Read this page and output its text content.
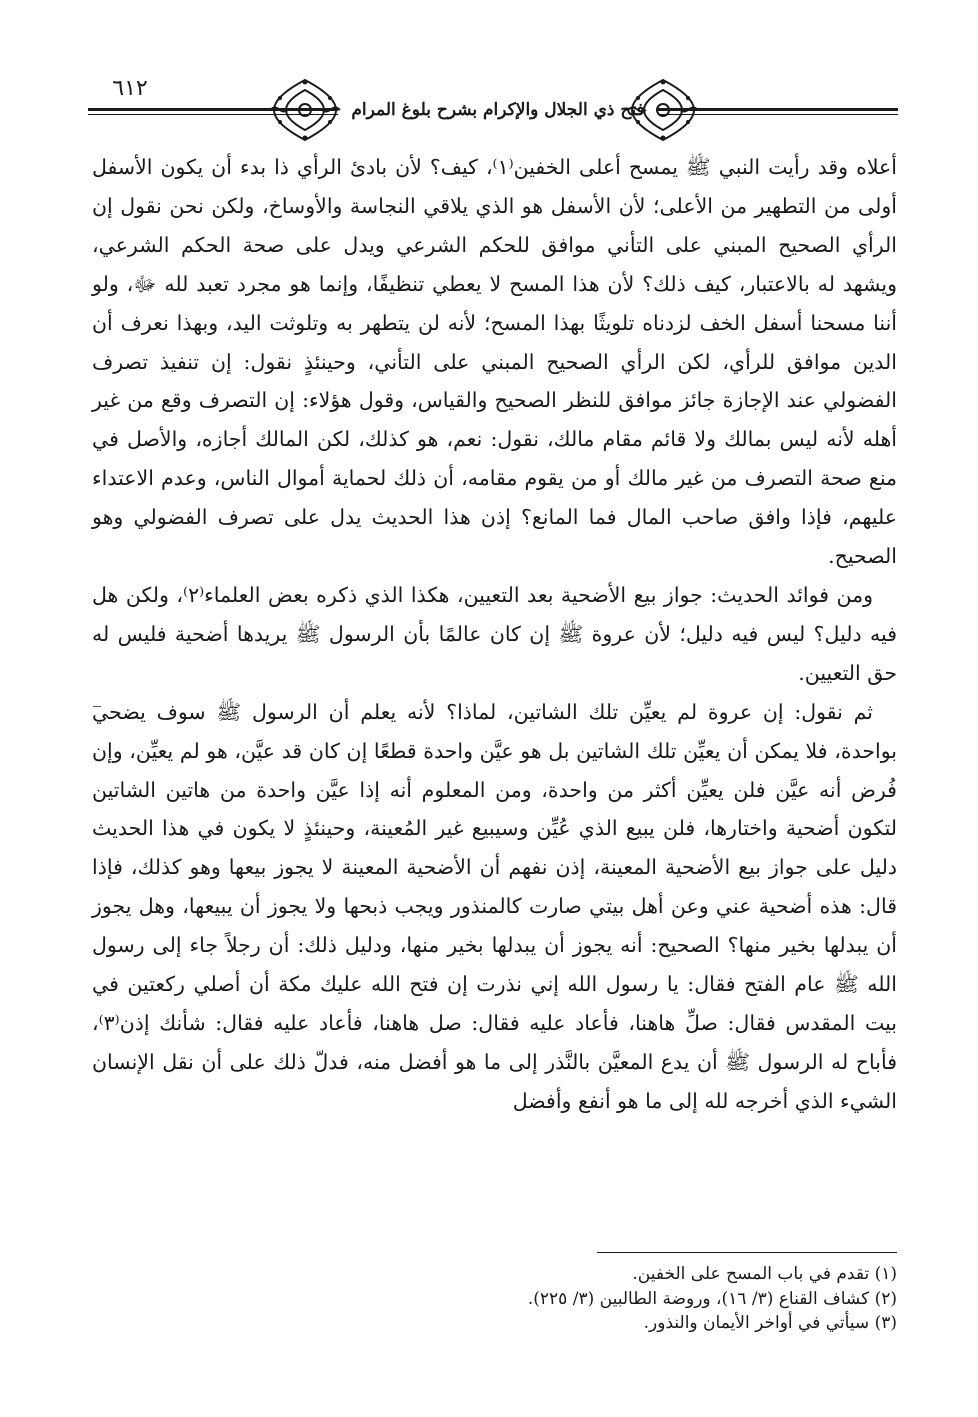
٦١٢
فتح ذي الجلال والإكرام بشرح بلوغ المرام

أعلاه وقد رأيت النبي ﷺ يمسح أعلى الخفين⁽١⁾، كيف؟ لأن بادئ الرأي ذا بدء أن يكون الأسفل أولى من التطهير من الأعلى؛ لأن الأسفل هو الذي يلاقي النجاسة والأوساخ، ولكن نحن نقول إن الرأي الصحيح المبني على التأني موافق للحكم الشرعي ويدل على صحة الحكم الشرعي، ويشهد له بالاعتبار، كيف ذلك؟ لأن هذا المسح لا يعطي تنظيفًا، وإنما هو مجرد تعبد لله ﷻ، ولو أننا مسحنا أسفل الخف لزدناه تلويثًا بهذا المسح؛ لأنه لن يتطهر به وتلوثت اليد، وبهذا نعرف أن الدين موافق للرأي، لكن الرأي الصحيح المبني على التأني، وحينئذٍ نقول: إن تنفيذ تصرف الفضولي عند الإجازة جائز موافق للنظر الصحيح والقياس، وقول هؤلاء: إن التصرف وقع من غير أهله لأنه ليس بمالك ولا قائم مقام مالك، نقول: نعم، هو كذلك، لكن المالك أجازه، والأصل في منع صحة التصرف من غير مالك أو من يقوم مقامه، أن ذلك لحماية أموال الناس، وعدم الاعتداء عليهم، فإذا وافق صاحب المال فما المانع؟ إذن هذا الحديث يدل على تصرف الفضولي وهو الصحيح.

ومن فوائد الحديث: جواز بيع الأضحية بعد التعيين، هكذا الذي ذكره بعض العلماء⁽٢⁾، ولكن هل فيه دليل؟ ليس فيه دليل؛ لأن عروة ﷺ إن كان عالمًا بأن الرسول ﷺ يريدها أضحية فليس له حق التعيين.

ثم نقول: إن عروة لم يعيِّن تلك الشاتين، لماذا؟ لأنه يعلم أن الرسول ﷺ سوف يضحي بواحدة، فلا يمكن أن يعيِّن تلك الشاتين بل هو عيَّن واحدة قطعًا إن كان قد عيَّن، هو لم يعيِّن، وإن فُرض أنه عيَّن فلن يعيِّن أكثر من واحدة، ومن المعلوم أنه إذا عيَّن واحدة من هاتين الشاتين لتكون أضحية واختارها، فلن يبيع الذي عُيِّن وسيبيع غير المُعينة، وحينئذٍ لا يكون في هذا الحديث دليل على جواز بيع الأضحية المعينة، إذن نفهم أن الأضحية المعينة لا يجوز بيعها وهو كذلك، فإذا قال: هذه أضحية عني وعن أهل بيتي صارت كالمنذور ويجب ذبحها ولا يجوز أن يبيعها، وهل يجوز أن يبدلها بخير منها؟ الصحيح: أنه يجوز أن يبدلها بخير منها، ودليل ذلك: أن رجلاً جاء إلى رسول الله ﷺ عام الفتح فقال: يا رسول الله إني نذرت إن فتح الله عليك مكة أن أصلي ركعتين في بيت المقدس فقال: صلِّ هاهنا، فأعاد عليه فقال: صل هاهنا، فأعاد عليه فقال: شأنك إذن⁽٣⁾، فأباح له الرسول ﷺ أن يدع المعيَّن بالنَّذر إلى ما هو أفضل منه، فدلّ ذلك على أن نقل الإنسان الشيء الذي أخرجه لله إلى ما هو أنفع وأفضل

(١) تقدم في باب المسح على الخفين.
(٢) كشاف القناع (٣/ ١٦)، وروضة الطالبين (٣/ ٢٢٥).
(٣) سيأتي في أواخر الأيمان والنذور.
